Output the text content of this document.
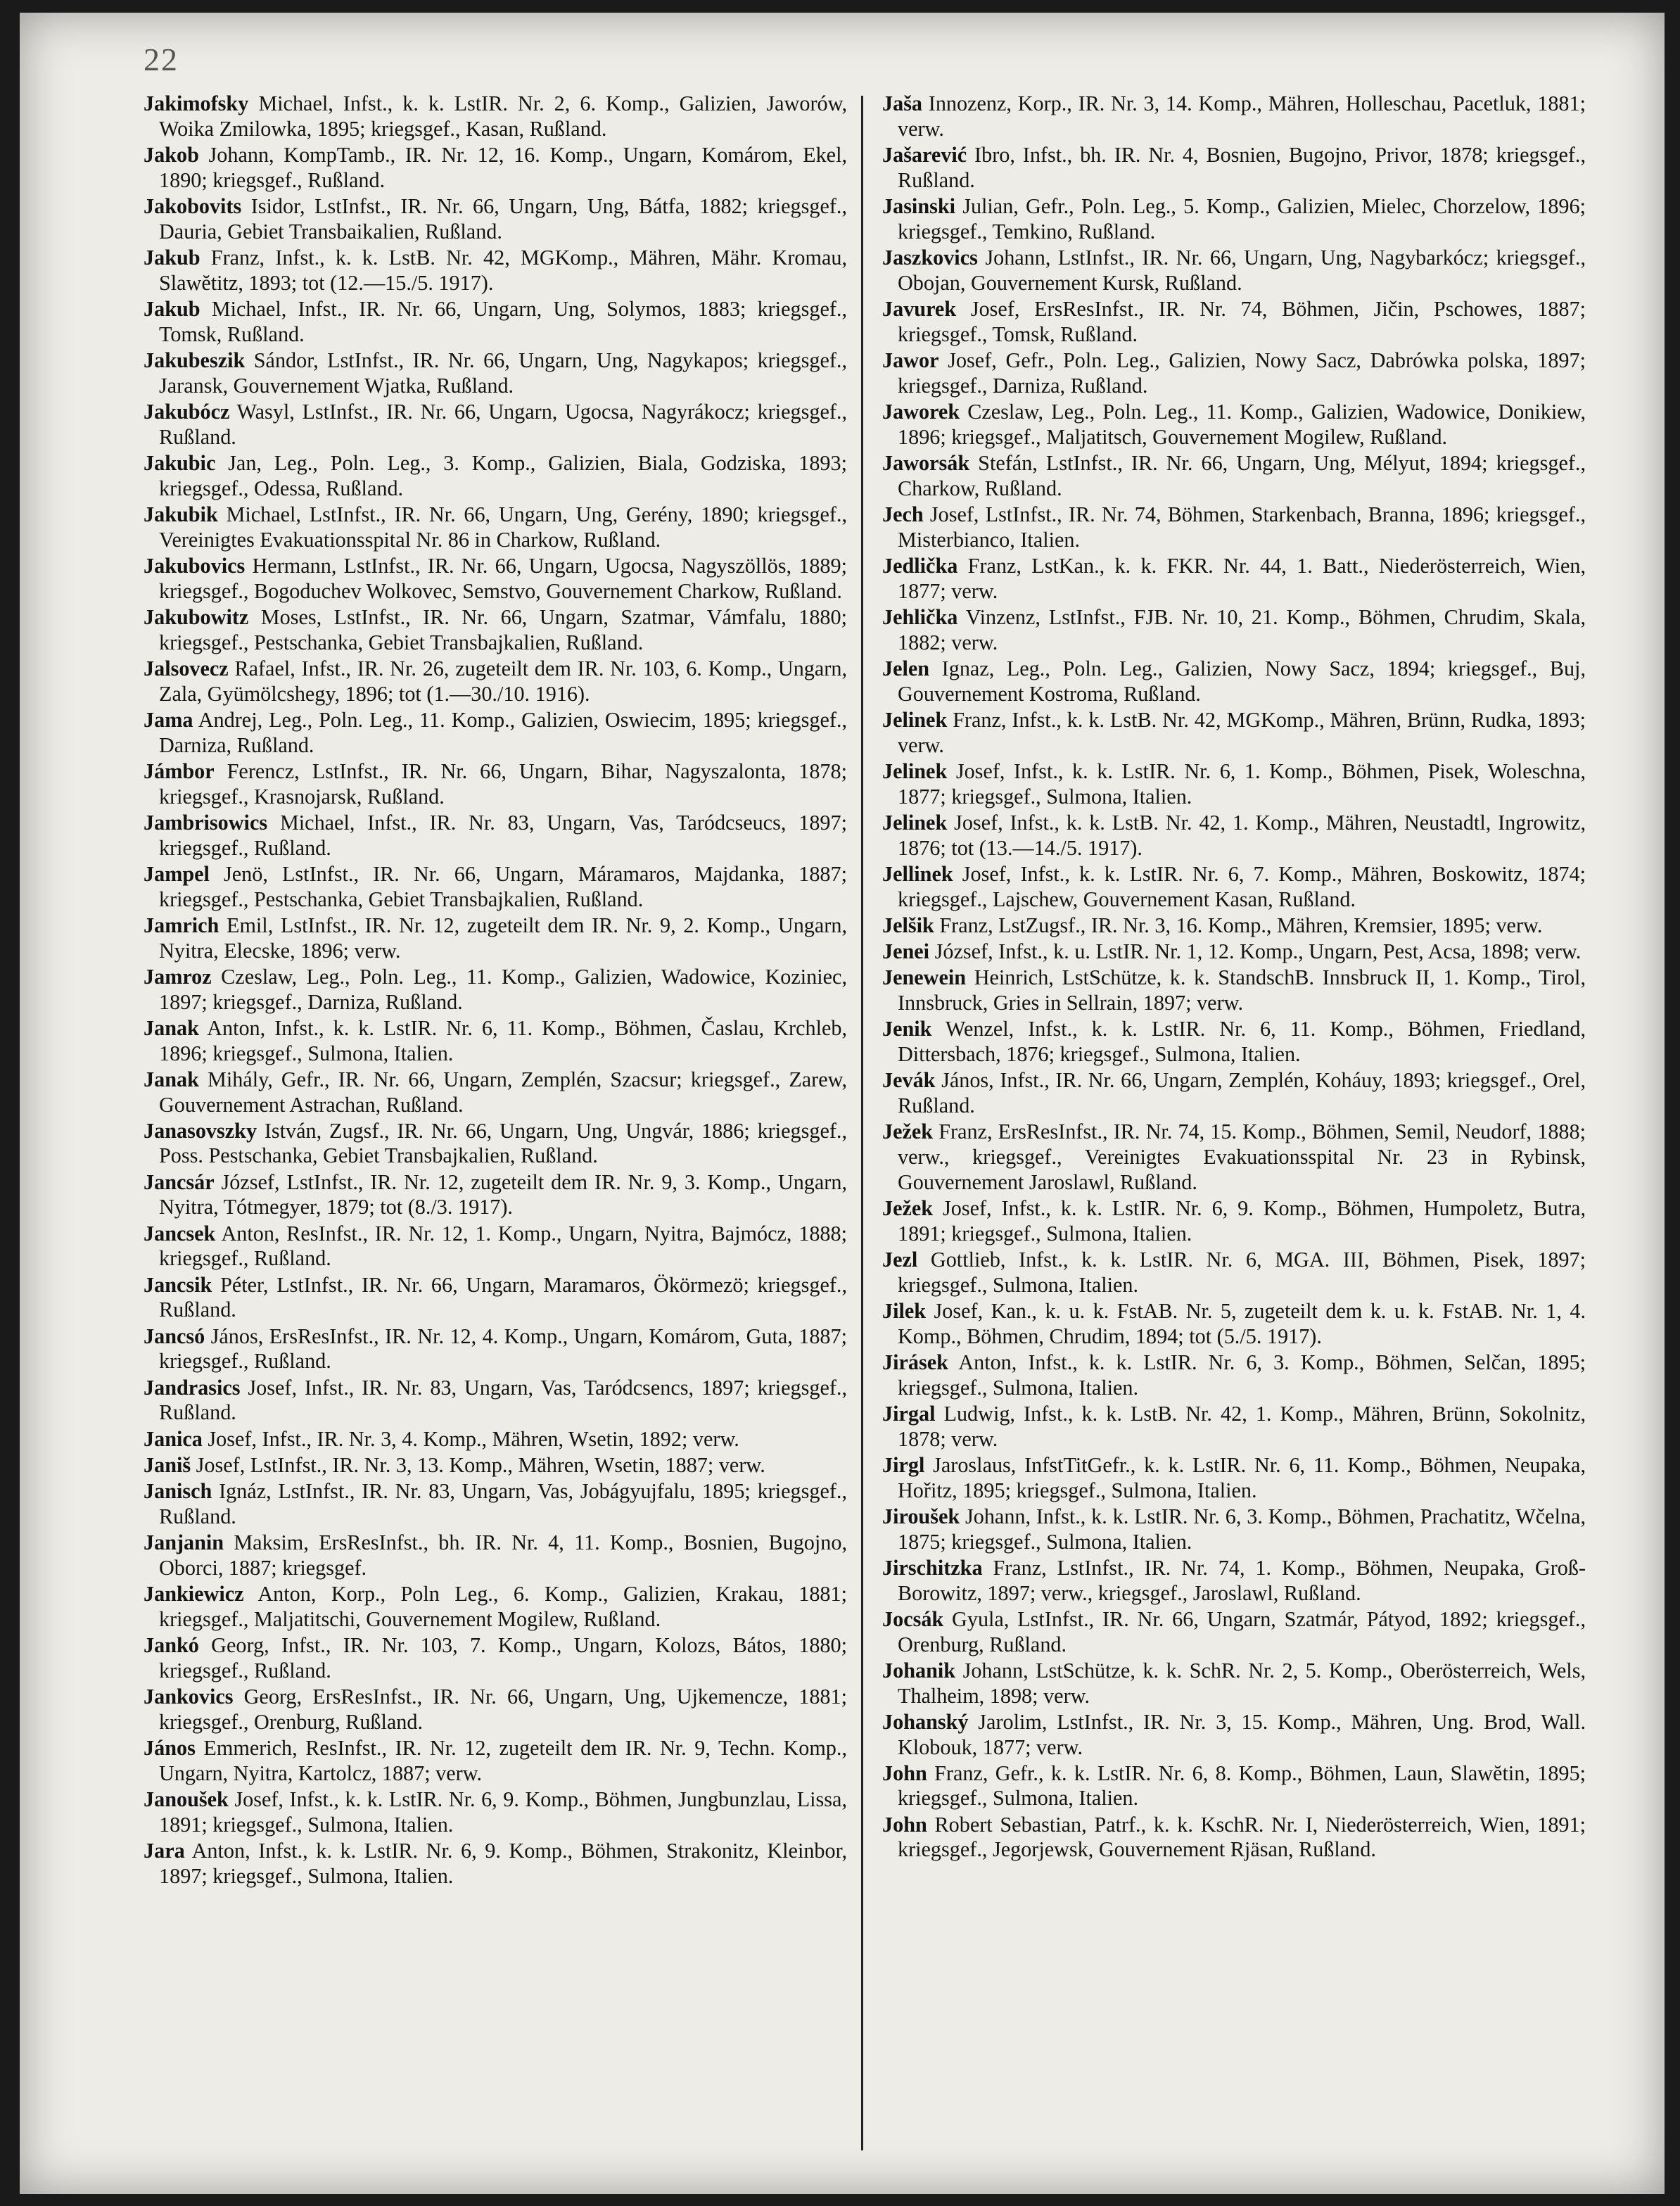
22

Jakimofsky Michael, Infst., k. k. LstIR. Nr. 2, 6. Komp., Galizien, Jaworów, Woika Zmilowka, 1895; kriegsgef., Kasan, Rußland.

Jakob Johann, KompTamb., IR. Nr. 12, 16. Komp., Ungarn, Komárom, Ekel, 1890; kriegsgef., Rußland.

Jakobovits Isidor, LstInfst., IR. Nr. 66, Ungarn, Ung, Bátfa, 1882; kriegsgef., Dauria, Gebiet Transbaikalien, Rußland.

Jakub Franz, Infst., k. k. LstB. Nr. 42, MGKomp., Mähren, Mähr. Kromau, Slawĕtitz, 1893; tot (12.—15./5. 1917).

Jakub Michael, Infst., IR. Nr. 66, Ungarn, Ung, Solymos, 1883; kriegsgef., Tomsk, Rußland.

Jakubeszik Sándor, LstInfst., IR. Nr. 66, Ungarn, Ung, Nagykapos; kriegsgef., Jaransk, Gouvernement Wjatka, Rußland.

Jakubócz Wasyl, LstInfst., IR. Nr. 66, Ungarn, Ugocsa, Nagyrákocz; kriegsgef., Rußland.

Jakubic Jan, Leg., Poln. Leg., 3. Komp., Galizien, Biala, Godziska, 1893; kriegsgef., Odessa, Rußland.

Jakubik Michael, LstInfst., IR. Nr. 66, Ungarn, Ung, Gerény, 1890; kriegsgef., Vereinigtes Evakuationsspital Nr. 86 in Charkow, Rußland.

Jakubovics Hermann, LstInfst., IR. Nr. 66, Ungarn, Ugocsa, Nagyszöllös, 1889; kriegsgef., Bogoduchev Wolkovec, Semstvo, Gouvernement Charkow, Rußland.

Jakubowitz Moses, LstInfst., IR. Nr. 66, Ungarn, Szatmar, Vámfalu, 1880; kriegsgef., Pestschanka, Gebiet Transbajkalien, Rußland.

Jalsovecz Rafael, Infst., IR. Nr. 26, zugeteilt dem IR. Nr. 103, 6. Komp., Ungarn, Zala, Gyümölcshegy, 1896; tot (1.—30./10. 1916).

Jama Andrej, Leg., Poln. Leg., 11. Komp., Galizien, Oswiecim, 1895; kriegsgef., Darniza, Rußland.

Jámbor Ferencz, LstInfst., IR. Nr. 66, Ungarn, Bihar, Nagyszalonta, 1878; kriegsgef., Krasnojarsk, Rußland.

Jambrisowics Michael, Infst., IR. Nr. 83, Ungarn, Vas, Taródcseucs, 1897; kriegsgef., Rußland.

Jampel Jenö, LstInfst., IR. Nr. 66, Ungarn, Máramaros, Majdanka, 1887; kriegsgef., Pestschanka, Gebiet Transbajkalien, Rußland.

Jamrich Emil, LstInfst., IR. Nr. 12, zugeteilt dem IR. Nr. 9, 2. Komp., Ungarn, Nyitra, Elecske, 1896; verw.

Jamroz Czeslaw, Leg., Poln. Leg., 11. Komp., Galizien, Wadowice, Koziniec, 1897; kriegsgef., Darniza, Rußland.

Janak Anton, Infst., k. k. LstIR. Nr. 6, 11. Komp., Böhmen, Časlau, Krchleb, 1896; kriegsgef., Sulmona, Italien.

Janak Mihály, Gefr., IR. Nr. 66, Ungarn, Zemplén, Szacsur; kriegsgef., Zarew, Gouvernement Astrachan, Rußland.

Janasovszky István, Zugsf., IR. Nr. 66, Ungarn, Ung, Ungvár, 1886; kriegsgef., Poss. Pestschanka, Gebiet Transbajkalien, Rußland.

Jancsár József, LstInfst., IR. Nr. 12, zugeteilt dem IR. Nr. 9, 3. Komp., Ungarn, Nyitra, Tótmegyer, 1879; tot (8./3. 1917).

Jancsek Anton, ResInfst., IR. Nr. 12, 1. Komp., Ungarn, Nyitra, Bajmócz, 1888; kriegsgef., Rußland.

Jancsik Péter, LstInfst., IR. Nr. 66, Ungarn, Maramaros, Ökörmezö; kriegsgef., Rußland.

Jancsó János, ErsResInfst., IR. Nr. 12, 4. Komp., Ungarn, Komárom, Guta, 1887; kriegsgef., Rußland.

Jandrasics Josef, Infst., IR. Nr. 83, Ungarn, Vas, Taródcsencs, 1897; kriegsgef., Rußland.

Janica Josef, Infst., IR. Nr. 3, 4. Komp., Mähren, Wsetin, 1892; verw.

Janiš Josef, LstInfst., IR. Nr. 3, 13. Komp., Mähren, Wsetin, 1887; verw.

Janisch Ignáz, LstInfst., IR. Nr. 83, Ungarn, Vas, Jobágyujfalu, 1895; kriegsgef., Rußland.

Janjanin Maksim, ErsResInfst., bh. IR. Nr. 4, 11. Komp., Bosnien, Bugojno, Oborci, 1887; kriegsgef.

Jankiewicz Anton, Korp., Poln Leg., 6. Komp., Galizien, Krakau, 1881; kriegsgef., Maljatitschi, Gouvernement Mogilew, Rußland.

Jankó Georg, Infst., IR. Nr. 103, 7. Komp., Ungarn, Kolozs, Bátos, 1880; kriegsgef., Rußland.

Jankovics Georg, ErsResInfst., IR. Nr. 66, Ungarn, Ung, Ujkemencze, 1881; kriegsgef., Orenburg, Rußland.

János Emmerich, ResInfst., IR. Nr. 12, zugeteilt dem IR. Nr. 9, Techn. Komp., Ungarn, Nyitra, Kartolcz, 1887; verw.

Janoušek Josef, Infst., k. k. LstIR. Nr. 6, 9. Komp., Böhmen, Jungbunzlau, Lissa, 1891; kriegsgef., Sulmona, Italien.

Jara Anton, Infst., k. k. LstIR. Nr. 6, 9. Komp., Böhmen, Strakonitz, Kleinbor, 1897; kriegsgef., Sulmona, Italien.

Jaša Innozenz, Korp., IR. Nr. 3, 14. Komp., Mähren, Holleschau, Pacetluk, 1881; verw.

Jašarević Ibro, Infst., bh. IR. Nr. 4, Bosnien, Bugojno, Privor, 1878; kriegsgef., Rußland.

Jasinski Julian, Gefr., Poln. Leg., 5. Komp., Galizien, Mielec, Chorzelow, 1896; kriegsgef., Temkino, Rußland.

Jaszkovics Johann, LstInfst., IR. Nr. 66, Ungarn, Ung, Nagybarkócz; kriegsgef., Obojan, Gouvernement Kursk, Rußland.

Javurek Josef, ErsResInfst., IR. Nr. 74, Böhmen, Jičin, Pschowes, 1887; kriegsgef., Tomsk, Rußland.

Jawor Josef, Gefr., Poln. Leg., Galizien, Nowy Sacz, Dabrówka polska, 1897; kriegsgef., Darniza, Rußland.

Jaworek Czeslaw, Leg., Poln. Leg., 11. Komp., Galizien, Wadowice, Donikiew, 1896; kriegsgef., Maljatitsch, Gouvernement Mogilew, Rußland.

Jaworsák Stefán, LstInfst., IR. Nr. 66, Ungarn, Ung, Mélyut, 1894; kriegsgef., Charkow, Rußland.

Jech Josef, LstInfst., IR. Nr. 74, Böhmen, Starkenbach, Branna, 1896; kriegsgef., Misterbianco, Italien.

Jedlička Franz, LstKan., k. k. FKR. Nr. 44, 1. Batt., Niederösterreich, Wien, 1877; verw.

Jehlička Vinzenz, LstInfst., FJB. Nr. 10, 21. Komp., Böhmen, Chrudim, Skala, 1882; verw.

Jelen Ignaz, Leg., Poln. Leg., Galizien, Nowy Sacz, 1894; kriegsgef., Buj, Gouvernement Kostroma, Rußland.

Jelinek Franz, Infst., k. k. LstB. Nr. 42, MGKomp., Mähren, Brünn, Rudka, 1893; verw.

Jelinek Josef, Infst., k. k. LstIR. Nr. 6, 1. Komp., Böhmen, Pisek, Woleschna, 1877; kriegsgef., Sulmona, Italien.

Jelinek Josef, Infst., k. k. LstB. Nr. 42, 1. Komp., Mähren, Neustadtl, Ingrowitz, 1876; tot (13.—14./5. 1917).

Jellinek Josef, Infst., k. k. LstIR. Nr. 6, 7. Komp., Mähren, Boskowitz, 1874; kriegsgef., Lajschew, Gouvernement Kasan, Rußland.

Jelšik Franz, LstZugsf., IR. Nr. 3, 16. Komp., Mähren, Kremsier, 1895; verw.

Jenei József, Infst., k. u. LstIR. Nr. 1, 12. Komp., Ungarn, Pest, Acsa, 1898; verw.

Jenewein Heinrich, LstSchütze, k. k. StandschB. Innsbruck II, 1. Komp., Tirol, Innsbruck, Gries in Sellrain, 1897; verw.

Jenik Wenzel, Infst., k. k. LstIR. Nr. 6, 11. Komp., Böhmen, Friedland, Dittersbach, 1876; kriegsgef., Sulmona, Italien.

Jevák János, Infst., IR. Nr. 66, Ungarn, Zemplén, Koháuy, 1893; kriegsgef., Orel, Rußland.

Ježek Franz, ErsResInfst., IR. Nr. 74, 15. Komp., Böhmen, Semil, Neudorf, 1888; verw., kriegsgef., Vereinigtes Evakuationsspital Nr. 23 in Rybinsk, Gouvernement Jaroslawl, Rußland.

Ježek Josef, Infst., k. k. LstIR. Nr. 6, 9. Komp., Böhmen, Humpoletz, Butra, 1891; kriegsgef., Sulmona, Italien.

Jezl Gottlieb, Infst., k. k. LstIR. Nr. 6, MGA. III, Böhmen, Pisek, 1897; kriegsgef., Sulmona, Italien.

Jilek Josef, Kan., k. u. k. FstAB. Nr. 5, zugeteilt dem k. u. k. FstAB. Nr. 1, 4. Komp., Böhmen, Chrudim, 1894; tot (5./5. 1917).

Jirásek Anton, Infst., k. k. LstIR. Nr. 6, 3. Komp., Böhmen, Selčan, 1895; kriegsgef., Sulmona, Italien.

Jirgal Ludwig, Infst., k. k. LstB. Nr. 42, 1. Komp., Mähren, Brünn, Sokolnitz, 1878; verw.

Jirgl Jaroslaus, InfstTitGefr., k. k. LstIR. Nr. 6, 11. Komp., Böhmen, Neupaka, Hořitz, 1895; kriegsgef., Sulmona, Italien.

Jiroušek Johann, Infst., k. k. LstIR. Nr. 6, 3. Komp., Böhmen, Prachatitz, Wčelna, 1875; kriegsgef., Sulmona, Italien.

Jirschitzka Franz, LstInfst., IR. Nr. 74, 1. Komp., Böhmen, Neupaka, Groß-Borowitz, 1897; verw., kriegsgef., Jaroslawl, Rußland.

Jocsák Gyula, LstInfst., IR. Nr. 66, Ungarn, Szatmár, Pátyod, 1892; kriegsgef., Orenburg, Rußland.

Johanik Johann, LstSchütze, k. k. SchR. Nr. 2, 5. Komp., Oberösterreich, Wels, Thalheim, 1898; verw.

Johanský Jarolim, LstInfst., IR. Nr. 3, 15. Komp., Mähren, Ung. Brod, Wall. Klobouk, 1877; verw.

John Franz, Gefr., k. k. LstIR. Nr. 6, 8. Komp., Böhmen, Laun, Slawĕtin, 1895; kriegsgef., Sulmona, Italien.

John Robert Sebastian, Patrf., k. k. KschR. Nr. I, Niederösterreich, Wien, 1891; kriegsgef., Jegorjewsk, Gouvernement Rjäsan, Rußland.
